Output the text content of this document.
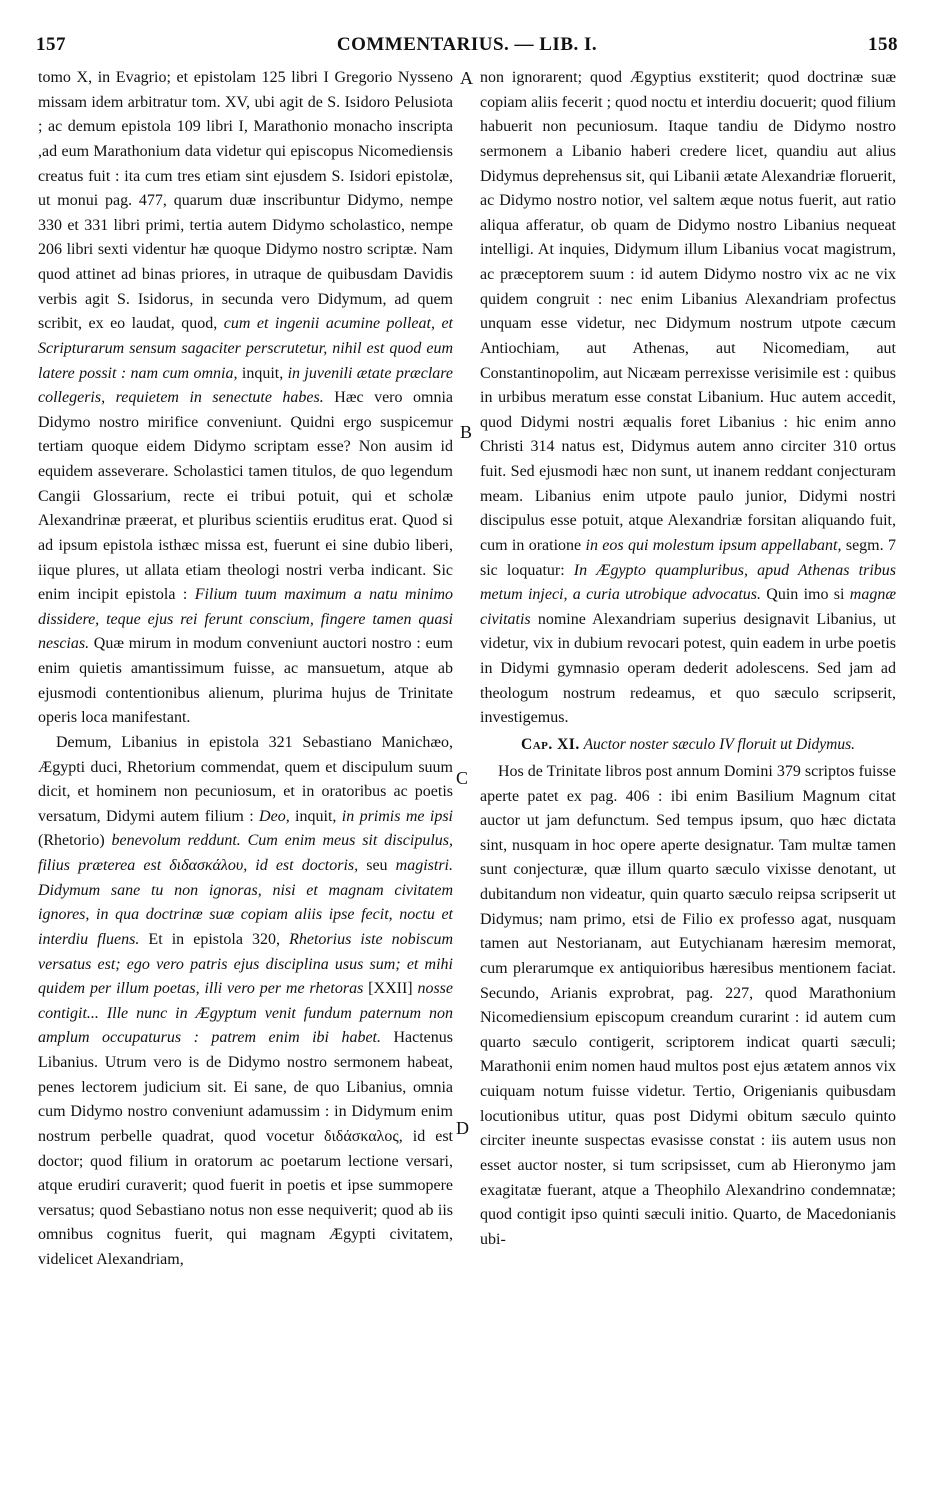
157	COMMENTARIUS. — LIB. I.	158
A
B
C
D

tomo X, in Evagrio; et epistolam 125 libri I Gregorio Nysseno missam idem arbitratur tom. XV, ubi agit de S. Isidoro Pelusiota ; ac demum epistola 109 libri I, Marathonio monacho inscripta ,ad eum Marathonium data videtur qui episcopus Nicomediensis creatus fuit : ita cum tres etiam sint ejusdem S. Isidori epistolæ, ut monui pag. 477, quarum duæ inscribuntur Didymo, nempe 330 et 331 libri primi, tertia autem Didymo scholastico, nempe 206 libri sexti videntur hæ quoque Didymo nostro scriptæ. Nam quod attinet ad binas priores, in utraque de quibusdam Davidis verbis agit S. Isidorus, in secunda vero Didymum, ad quem scribit, ex eo laudat, quod, cum et ingenii acumine polleat, et Scripturarum sensum sagaciter perscrutetur, nihil est quod eum latere possit : nam cum omnia, inquit, in juvenili ætate præclare collegeris, requietem in senectute habes. Hæc vero omnia Didymo nostro mirifice conveniunt. Quidni ergo suspicemur tertiam quoque eidem Didymo scriptam esse? Non ausim id equidem asseverare. Scholastici tamen titulos, de quo legendum Cangii Glossarium, recte ei tribui potuit, qui et scholæ Alexandrinæ præerat, et pluribus scientiis eruditus erat. Quod si ad ipsum epistola isthæc missa est, fuerunt ei sine dubio liberi, iique plures, ut allata etiam theologi nostri verba indicant. Sic enim incipit epistola : Filium tuum maximum a natu minimo dissidere, teque ejus rei ferunt conscium, fingere tamen quasi nescias. Quæ mirum in modum conveniunt auctori nostro : eum enim quietis amantissimum fuisse, ac mansuetum, atque ab ejusmodi contentionibus alienum, plurima hujus de Trinitate operis loca manifestant.

Demum, Libanius in epistola 321 Sebastiano Manichæo, Ægypti duci, Rhetorium commendat, quem et discipulum suum dicit, et hominem non pecuniosum, et in oratoribus ac poetis versatum, Didymi autem filium : Deo, inquit, in primis me ipsi (Rhetorio) benevolum reddunt. Cum enim meus sit discipulus, filius præterea est διδασκάλου, id est doctoris, seu magistri. Didymum sane tu non ignoras, nisi et magnam civitatem ignores, in qua doctrinæ suæ copiam aliis ipse fecit, noctu et interdiu fluens. Et in epistola 320, Rhetorius iste nobiscum versatus est; ego vero patris ejus disciplina usus sum; et mihi quidem per illum poetas, illi vero per me rhetoras [XXII] nosse contigit... Ille nunc in Ægyptum venit fundum paternum non amplum occupaturus : patrem enim ibi habet. Hactenus Libanius. Utrum vero is de Didymo nostro sermonem habeat, penes lectorem judicium sit. Ei sane, de quo Libanius, omnia cum Didymo nostro conveniunt adamussim : in Didymum enim nostrum perbelle quadrat, quod vocetur διδάσκαλος, id est doctor; quod filium in oratorum ac poetarum lectione versari, atque erudiri curaverit; quod fuerit in poetis et ipse summopere versatus; quod Sebastiano notus non esse nequiverit; quod ab iis omnibus cognitus fuerit, qui magnam Ægypti civitatem, videlicet Alexandriam,

non ignorarent; quod Ægyptius exstiterit; quod doctrinæ suæ copiam aliis fecerit ; quod noctu et interdiu docuerit; quod filium habuerit non pecuniosum. Itaque tandiu de Didymo nostro sermonem a Libanio haberi credere licet, quandiu aut alius Didymus deprehensus sit, qui Libanii ætate Alexandriæ floruerit, ac Didymo nostro notior, vel saltem æque notus fuerit, aut ratio aliqua afferatur, ob quam de Didymo nostro Libanius nequeat intelligi. At inquies, Didymum illum Libanius vocat magistrum, ac præceptorem suum : id autem Didymo nostro vix ac ne vix quidem congruit : nec enim Libanius Alexandriam profectus unquam esse videtur, nec Didymum nostrum utpote cæcum Antiochiam, aut Athenas, aut Nicomediam, aut Constantinopolim, aut Nicæam perrexisse verisimile est : quibus in urbibus meratum esse constat Libanium. Huc autem accedit, quod Didymi nostri æqualis foret Libanius : hic enim anno Christi 314 natus est, Didymus autem anno circiter 310 ortus fuit. Sed ejusmodi hæc non sunt, ut inanem reddant conjecturam meam. Libanius enim utpote paulo junior, Didymi nostri discipulus esse potuit, atque Alexandriæ forsitan aliquando fuit, cum in oratione in eos qui molestum ipsum appellabant, segm. 7 sic loquatur: In Ægypto quampluribus, apud Athenas tribus metum injeci, a curia utrobique advocatus. Quin imo si magnæ civitatis nomine Alexandriam superius designavit Libanius, ut videtur, vix in dubium revocari potest, quin eadem in urbe poetis in Didymi gymnasio operam dederit adolescens. Sed jam ad theologum nostrum redeamus, et quo sæculo scripserit, investigemus.

Cap. XI. Auctor noster sæculo IV floruit ut Didymus.

Hos de Trinitate libros post annum Domini 379 scriptos fuisse aperte patet ex pag. 406 : ibi enim Basilium Magnum citat auctor ut jam defunctum. Sed tempus ipsum, quo hæc dictata sint, nusquam in hoc opere aperte designatur. Tam multæ tamen sunt conjecturæ, quæ illum quarto sæculo vixisse denotant, ut dubitandum non videatur, quin quarto sæculo reipsa scripserit ut Didymus; nam primo, etsi de Filio ex professo agat, nusquam tamen aut Nestorianam, aut Eutychianam hæresim memorat, cum plerarumque ex antiquioribus hæresibus mentionem faciat. Secundo, Arianis exprobrat, pag. 227, quod Marathonium Nicomediensium episcopum creandum curarint : id autem cum quarto sæculo contigerit, scriptorem indicat quarti sæculi; Marathonii enim nomen haud multos post ejus ætatem annos vix cuiquam notum fuisse videtur. Tertio, Origenianis quibusdam locutionibus utitur, quas post Didymi obitum sæculo quinto circiter ineunte suspectas evasisse constat : iis autem usus non esset auctor noster, si tum scripsisset, cum ab Hieronymo jam exagitatæ fuerant, atque a Theophilo Alexandrino condemnatæ; quod contigit ipso quinti sæculi initio. Quarto, de Macedonianis ubi-
